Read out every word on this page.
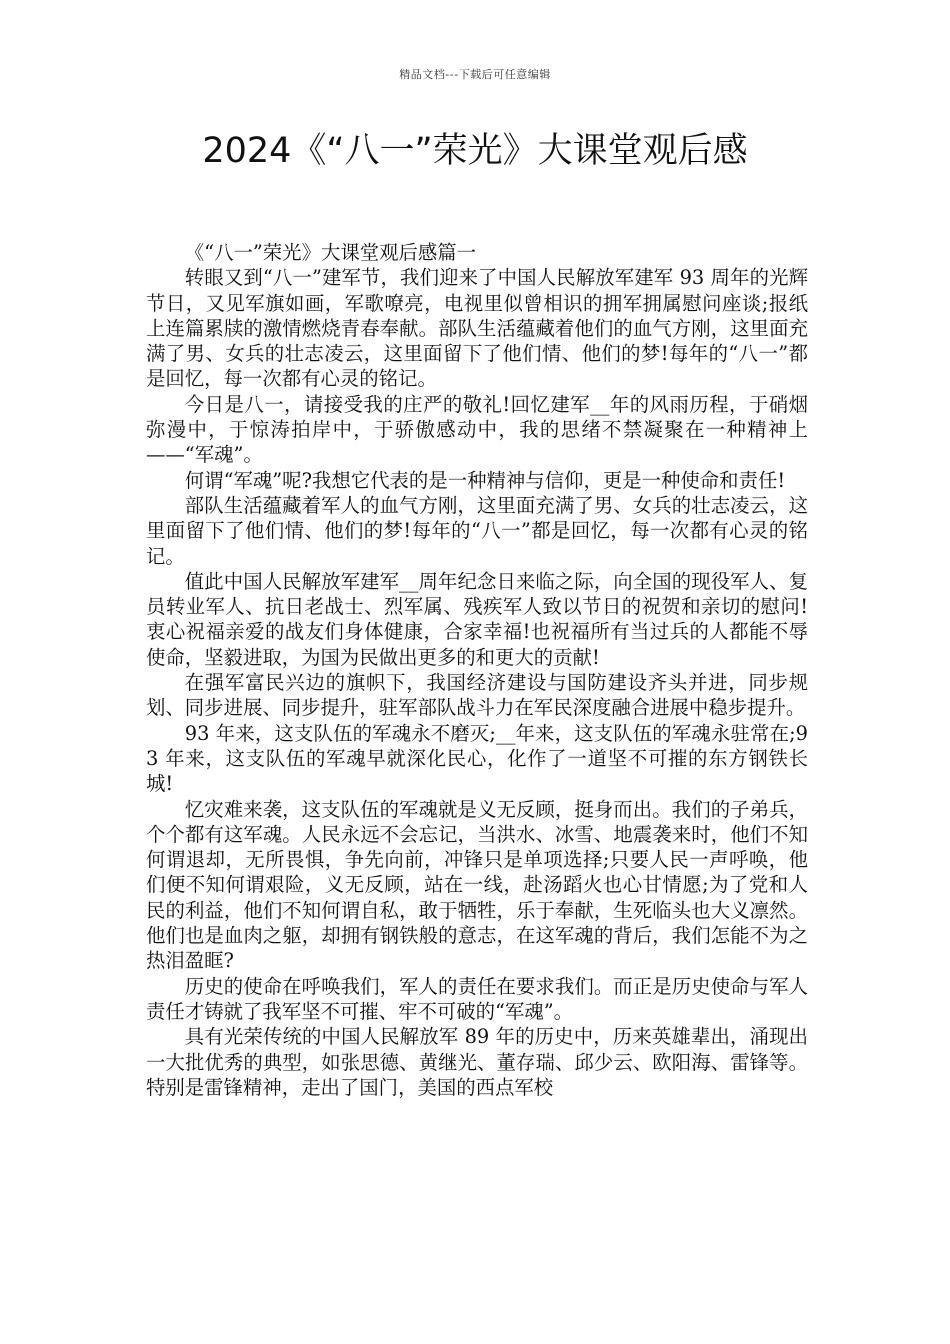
精品文档---下载后可任意编辑
2024《“八一”荣光》大课堂观后感

《“八一”荣光》大课堂观后感篇一

转眼又到“八一”建军节，我们迎来了中国人民解放军建军 93 周年的光辉节日，又见军旗如画，军歌嘹亮，电视里似曾相识的拥军拥属慰问座谈;报纸上连篇累牍的激情燃烧青春奉献。部队生活蕴藏着他们的血气方刚，这里面充满了男、女兵的壮志凌云，这里面留下了他们情、他们的梦!每年的“八一”都是回忆，每一次都有心灵的铭记。

今日是八一，请接受我的庄严的敬礼!回忆建军__年的风雨历程，于硝烟弥漫中，于惊涛拍岸中，于骄傲感动中，我的思绪不禁凝聚在一种精神上——“军魂”。

何谓“军魂”呢?我想它代表的是一种精神与信仰，更是一种使命和责任!

部队生活蕴藏着军人的血气方刚，这里面充满了男、女兵的壮志凌云，这里面留下了他们情、他们的梦!每年的“八一”都是回忆，每一次都有心灵的铭记。

值此中国人民解放军建军__周年纪念日来临之际，向全国的现役军人、复员转业军人、抗日老战士、烈军属、残疾军人致以节日的祝贺和亲切的慰问!衷心祝福亲爱的战友们身体健康，合家幸福!也祝福所有当过兵的人都能不辱使命，坚毅进取，为国为民做出更多的和更大的贡献!

在强军富民兴边的旗帜下，我国经济建设与国防建设齐头并进，同步规划、同步进展、同步提升，驻军部队战斗力在军民深度融合进展中稳步提升。

93 年来，这支队伍的军魂永不磨灭;__年来，这支队伍的军魂永驻常在;93 年来，这支队伍的军魂早就深化民心，化作了一道坚不可摧的东方钢铁长城!

忆灾难来袭，这支队伍的军魂就是义无反顾，挺身而出。我们的子弟兵，个个都有这军魂。人民永远不会忘记，当洪水、冰雪、地震袭来时，他们不知何谓退却，无所畏惧，争先向前，冲锋只是单项选择;只要人民一声呼唤，他们便不知何谓艰险，义无反顾，站在一线，赴汤蹈火也心甘情愿;为了党和人民的利益，他们不知何谓自私，敢于牺牲，乐于奉献，生死临头也大义凛然。他们也是血肉之躯，却拥有钢铁般的意志，在这军魂的背后，我们怎能不为之热泪盈眶?

历史的使命在呼唤我们，军人的责任在要求我们。而正是历史使命与军人责任才铸就了我军坚不可摧、牢不可破的“军魂”。

具有光荣传统的中国人民解放军 89 年的历史中，历来英雄辈出，涌现出一大批优秀的典型，如张思德、黄继光、董存瑞、邱少云、欧阳海、雷锋等。特别是雷锋精神，走出了国门，美国的西点军校
